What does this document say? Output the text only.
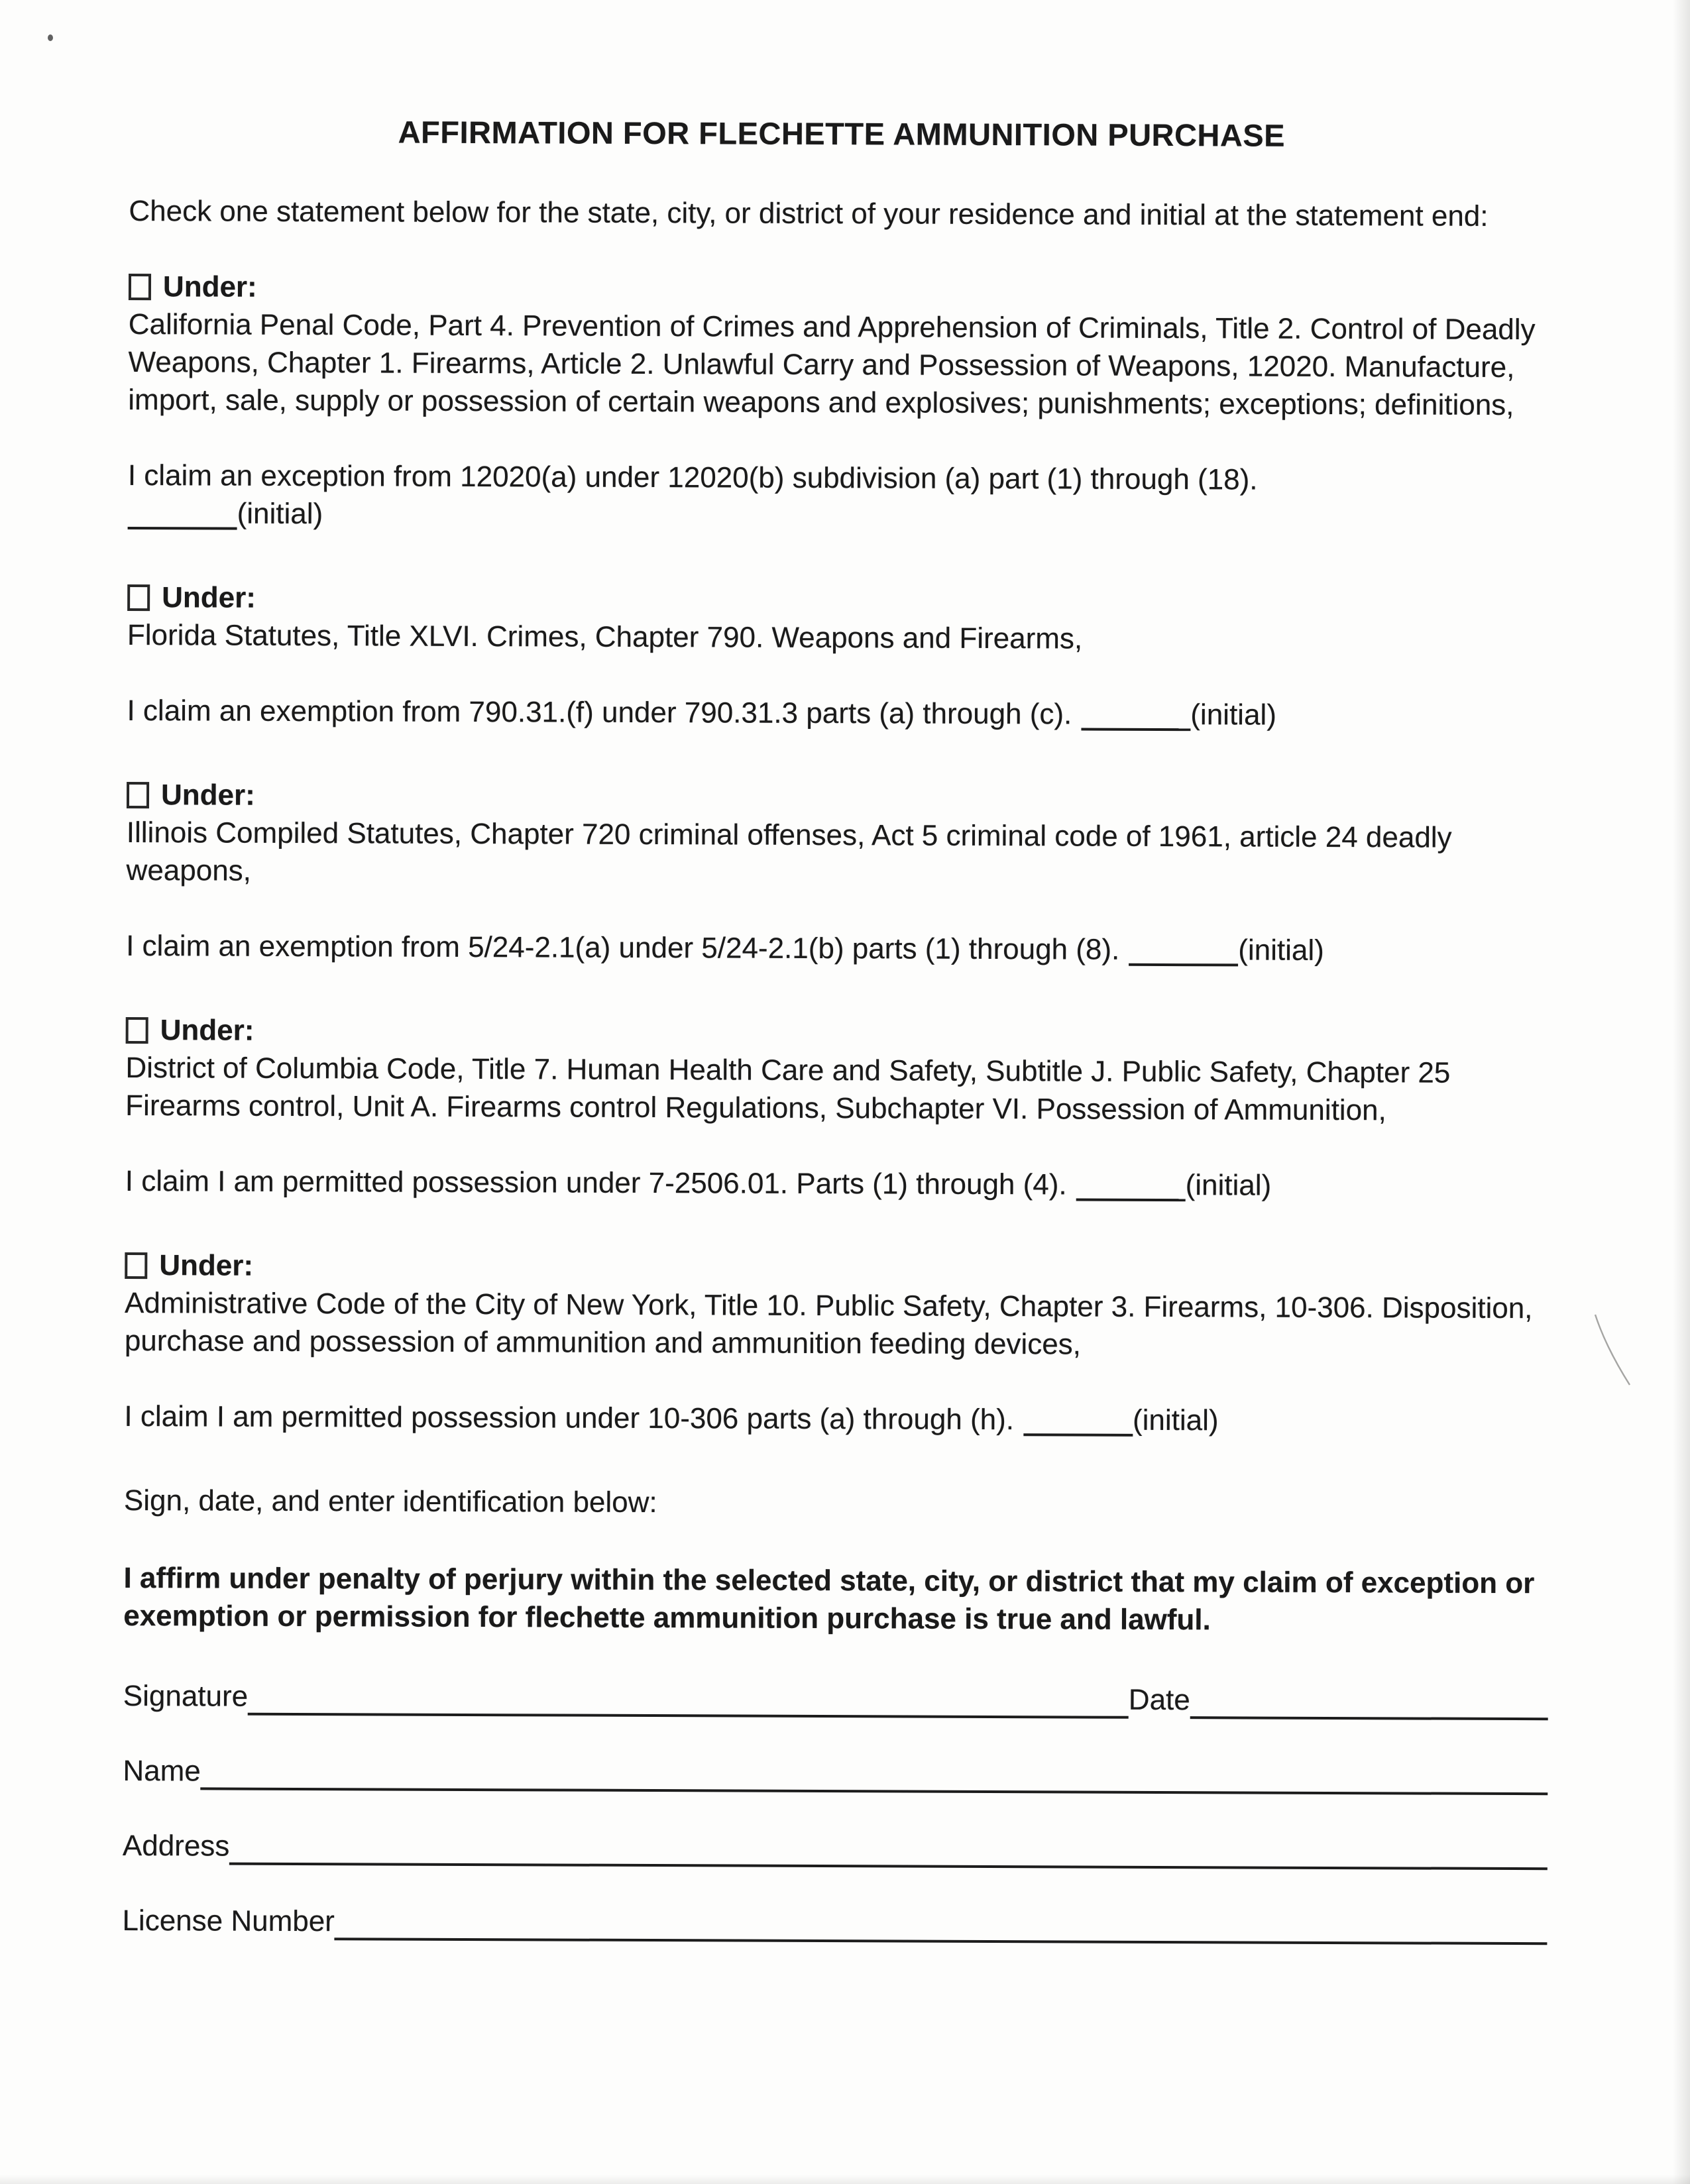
AFFIRMATION FOR FLECHETTE AMMUNITION PURCHASE

Check one statement below for the state, city, or district of your residence and initial at the statement end:

Under:

California Penal Code, Part 4. Prevention of Crimes and Apprehension of Criminals, Title 2. Control of Deadly Weapons, Chapter 1. Firearms, Article 2. Unlawful Carry and Possession of Weapons, 12020. Manufacture, import, sale, supply or possession of certain weapons and explosives; punishments; exceptions; definitions,

I claim an exception from 12020(a) under 12020(b) subdivision (a) part (1) through (18).
(initial)

Under:

Florida Statutes, Title XLVI. Crimes, Chapter 790. Weapons and Firearms,

I claim an exemption from 790.31.(f) under 790.31.3 parts (a) through (c).	(initial)

Under:

Illinois Compiled Statutes, Chapter 720 criminal offenses, Act 5 criminal code of 1961, article 24 deadly weapons,

I claim an exemption from 5/24-2.1(a) under 5/24-2.1(b) parts (1) through (8).	(initial)

Under:

District of Columbia Code, Title 7. Human Health Care and Safety, Subtitle J. Public Safety, Chapter 25 Firearms control, Unit A. Firearms control Regulations, Subchapter VI. Possession of Ammunition,

I claim I am permitted possession under 7-2506.01. Parts (1) through (4).	(initial)

Under:

Administrative Code of the City of New York, Title 10. Public Safety, Chapter 3. Firearms, 10-306. Disposition, purchase and possession of ammunition and ammunition feeding devices,

I claim I am permitted possession under 10-306 parts (a) through (h).	(initial)

Sign, date, and enter identification below:

I affirm under penalty of perjury within the selected state, city, or district that my claim of exception or exemption or permission for flechette ammunition purchase is true and lawful.

Signature	Date
Name
Address
License Number
